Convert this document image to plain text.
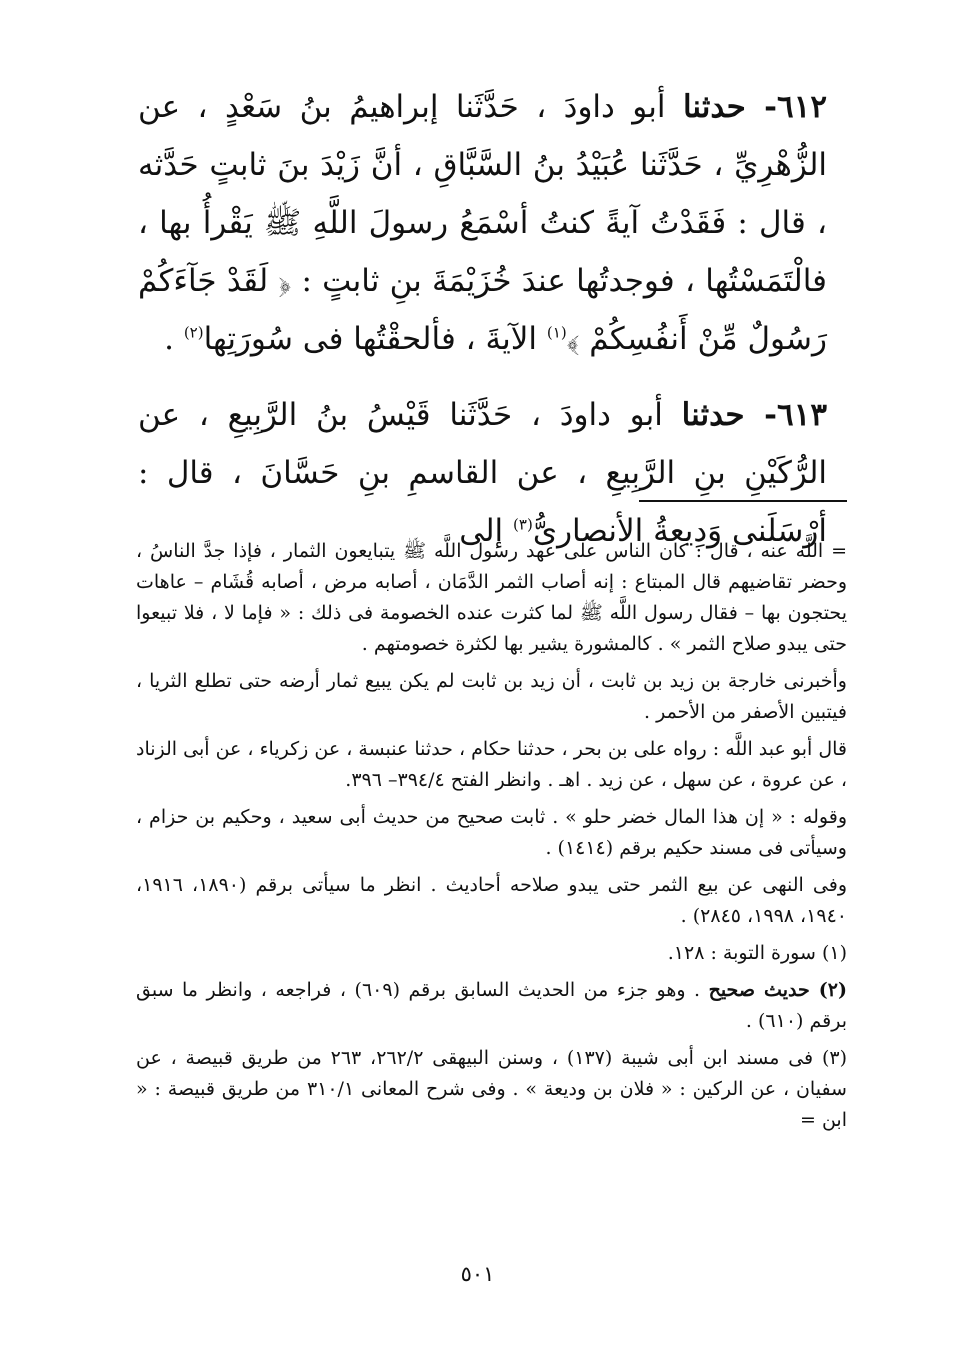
٦١٢- حدثنا أبو داودَ ، حَدَّثَنا إبراهيمُ بنُ سَعْدٍ ، عن الزُّهْرِيِّ ، حَدَّثَنا عُبَيْدُ بنُ السَّبَّاقِ ، أنَّ زَيْدَ بنَ ثابتٍ حَدَّثه ، قال : فَقَدْتُ آيةً كنتُ أسْمَعُ رسولَ اللَّهِ ﷺ يَقْرأُ بها ، فالْتَمَسْتُها ، فوجدتُها عندَ خُزَيْمَةَ بنِ ثابتٍ : ﴿ لَقَدْ جَآءَكُمْ رَسُولٌ مِّنْ أَنفُسِكُمْ ﴾$^{(١)}$ الآيةَ ، فألحقْتُها فى سُورَتِها$^{(٢)}$ .

٦١٣- حدثنا أبو داودَ ، حَدَّثَنا قَيْسُ بنُ الرَّبِيعِ ، عن الرُّكَيْنِ بنِ الرَّبِيعِ ، عن القاسمِ بنِ حَسَّانَ ، قال : أرْسَلَنى وَدِيعةُ الأنصارىُّ$^{(٣)}$ إلى

= اللَّه عنه ، قال : كان الناس على عهد رسول اللَّه ﷺ يتبايعون الثمار ، فإذا جدَّ الناسُ ، وحضر تقاضيهم قال المبتاع : إنه أصاب الثمر الدَّمَان ، أصابه مرض ، أصابه قُشَام – عاهات يحتجون بها – فقال رسول اللَّه ﷺ لما كثرت عنده الخصومة فى ذلك : « فإما لا ، فلا تبيعوا حتى يبدو صلاح الثمر » . كالمشورة يشير بها لكثرة خصومتهم .

وأخبرنى خارجة بن زيد بن ثابت ، أن زيد بن ثابت لم يكن يبيع ثمار أرضه حتى تطلع الثريا ، فيتبين الأصفر من الأحمر .

قال أبو عبد اللَّه : رواه على بن بحر ، حدثنا حكام ، حدثنا عنبسة ، عن زكرياء ، عن أبى الزناد ، عن عروة ، عن سهل ، عن زيد . اهـ . وانظر الفتح ٣٩٤/٤– ٣٩٦.

وقوله : « إن هذا المال خضر حلو » . ثابت صحيح من حديث أبى سعيد ، وحكيم بن حزام ، وسيأتى فى مسند حكيم برقم (١٤١٤) .

وفى النهى عن بيع الثمر حتى يبدو صلاحه أحاديث . انظر ما سيأتى برقم (١٨٩٠، ١٩١٦، ١٩٤٠، ١٩٩٨، ٢٨٤٥) .

(١) سورة التوبة : ١٢٨.

(٢) حديث صحيح . وهو جزء من الحديث السابق برقم (٦٠٩) ، فراجعه ، وانظر ما سبق برقم (٦١٠) .

(٣) فى مسند ابن أبى شيبة (١٣٧) ، وسنن البيهقى ٢٦٢/٢، ٢٦٣ من طريق قبيصة ، عن سفيان ، عن الركين : « فلان بن وديعة » . وفى شرح المعانى ٣١٠/١ من طريق قبيصة : « ابن =

٥٠١
